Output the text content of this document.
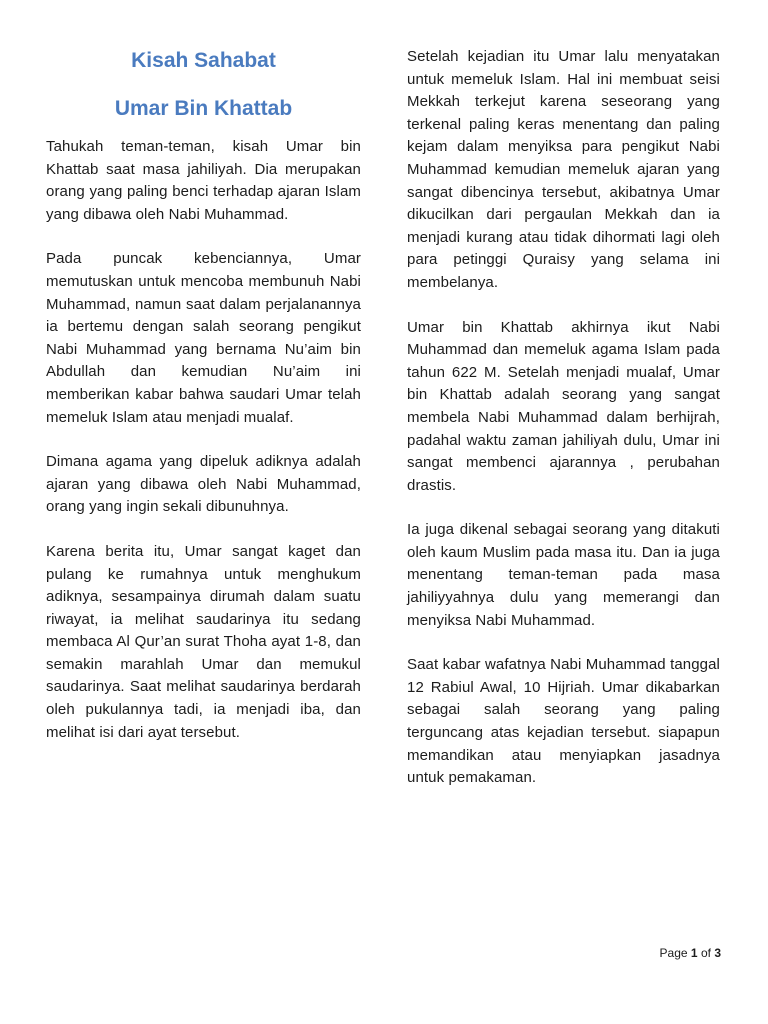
Kisah Sahabat
Umar Bin Khattab

Tahukah teman-teman, kisah Umar bin Khattab saat masa jahiliyah. Dia merupakan orang yang paling benci terhadap ajaran Islam yang dibawa oleh Nabi Muhammad.

Pada puncak kebenciannya, Umar memutuskan untuk mencoba membunuh Nabi Muhammad, namun saat dalam perjalanannya ia bertemu dengan salah seorang pengikut Nabi Muhammad yang bernama Nu’aim bin Abdullah dan kemudian Nu’aim ini memberikan kabar bahwa saudari Umar telah memeluk Islam atau menjadi mualaf.

Dimana agama yang dipeluk adiknya adalah ajaran yang dibawa oleh Nabi Muhammad, orang yang ingin sekali dibunuhnya.

Karena berita itu, Umar sangat kaget dan pulang ke rumahnya untuk menghukum adiknya, sesampainya dirumah dalam suatu riwayat, ia melihat saudarinya itu sedang membaca Al Qur’an surat Thoha ayat 1-8, dan semakin marahlah Umar dan memukul saudarinya. Saat melihat saudarinya berdarah oleh pukulannya tadi, ia menjadi iba, dan melihat isi dari ayat tersebut.

Setelah kejadian itu Umar lalu menyatakan untuk memeluk Islam. Hal ini membuat seisi Mekkah terkejut karena seseorang yang terkenal paling keras menentang dan paling kejam dalam menyiksa para pengikut Nabi Muhammad kemudian memeluk ajaran yang sangat dibencinya tersebut, akibatnya Umar dikucilkan dari pergaulan Mekkah dan ia menjadi kurang atau tidak dihormati lagi oleh para petinggi Quraisy yang selama ini membelanya.

Umar bin Khattab akhirnya ikut Nabi Muhammad dan memeluk agama Islam pada tahun 622 M. Setelah menjadi mualaf, Umar bin Khattab adalah seorang yang sangat membela Nabi Muhammad dalam berhijrah, padahal waktu zaman jahiliyah dulu, Umar ini sangat membenci ajarannya , perubahan drastis.

Ia juga dikenal sebagai seorang yang ditakuti oleh kaum Muslim pada masa itu. Dan ia juga menentang teman-teman pada masa jahiliyyahnya dulu yang memerangi dan menyiksa Nabi Muhammad.

Saat kabar wafatnya Nabi Muhammad tanggal 12 Rabiul Awal, 10 Hijriah. Umar dikabarkan sebagai salah seorang yang paling terguncang atas kejadian tersebut. siapapun memandikan atau menyiapkan jasadnya untuk pemakaman.

Page 1 of 3
